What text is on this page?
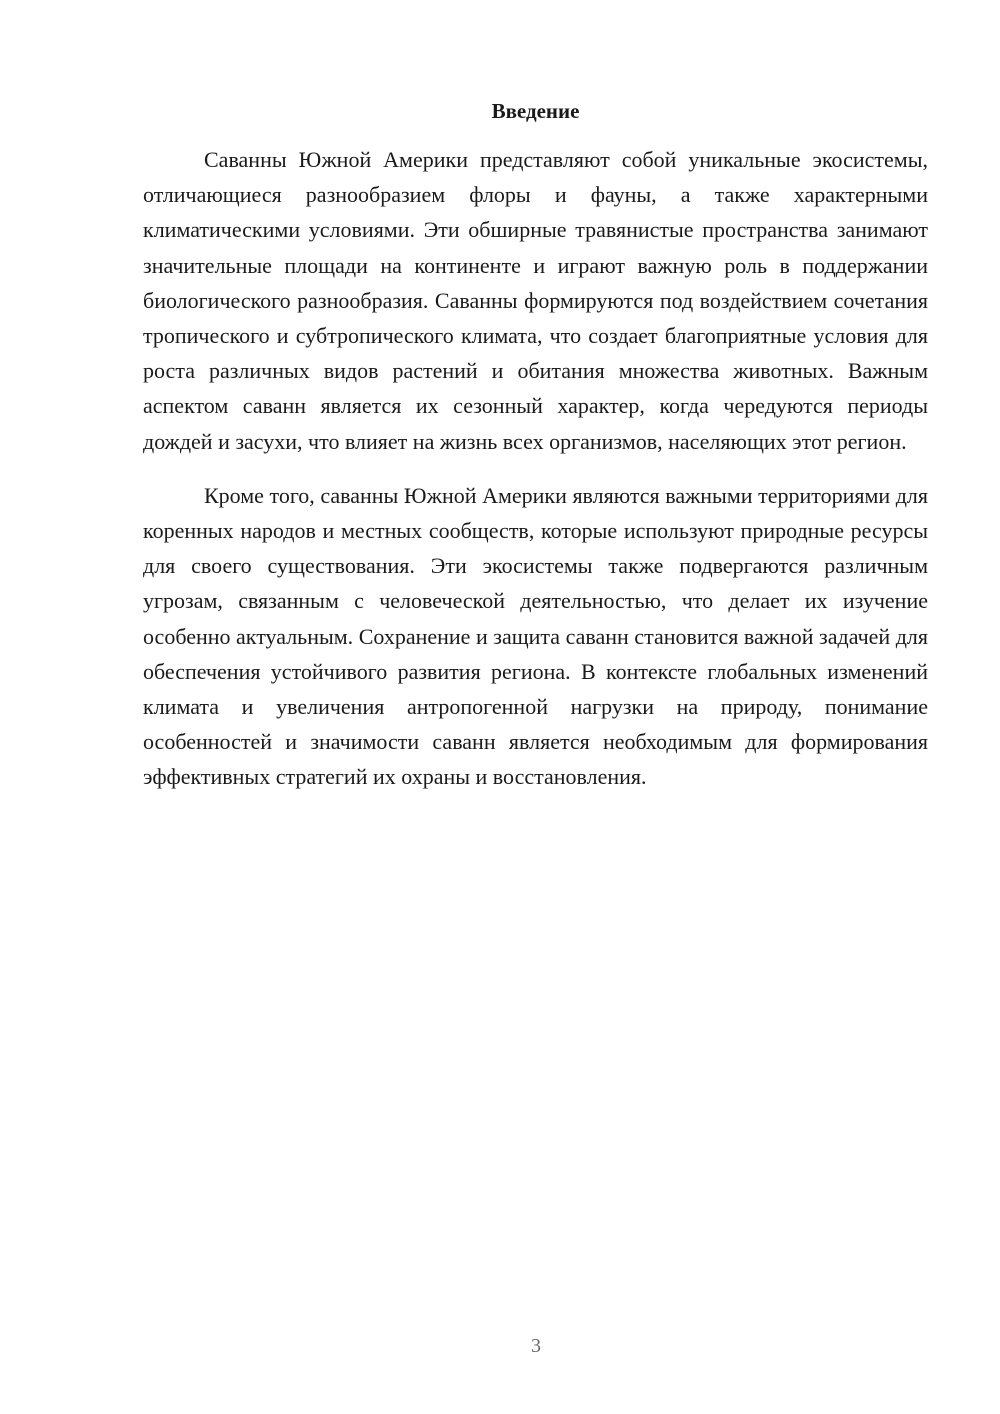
Введение

Саванны Южной Америки представляют собой уникальные экосистемы, отличающиеся разнообразием флоры и фауны, а также характерными климатическими условиями. Эти обширные травянистые пространства занимают значительные площади на континенте и играют важную роль в поддержании биологического разнообразия. Саванны формируются под воздействием сочетания тропического и субтропического климата, что создает благоприятные условия для роста различных видов растений и обитания множества животных. Важным аспектом саванн является их сезонный характер, когда чередуются периоды дождей и засухи, что влияет на жизнь всех организмов, населяющих этот регион.

Кроме того, саванны Южной Америки являются важными территориями для коренных народов и местных сообществ, которые используют природные ресурсы для своего существования. Эти экосистемы также подвергаются различным угрозам, связанным с человеческой деятельностью, что делает их изучение особенно актуальным. Сохранение и защита саванн становится важной задачей для обеспечения устойчивого развития региона. В контексте глобальных изменений климата и увеличения антропогенной нагрузки на природу, понимание особенностей и значимости саванн является необходимым для формирования эффективных стратегий их охраны и восстановления.

3
